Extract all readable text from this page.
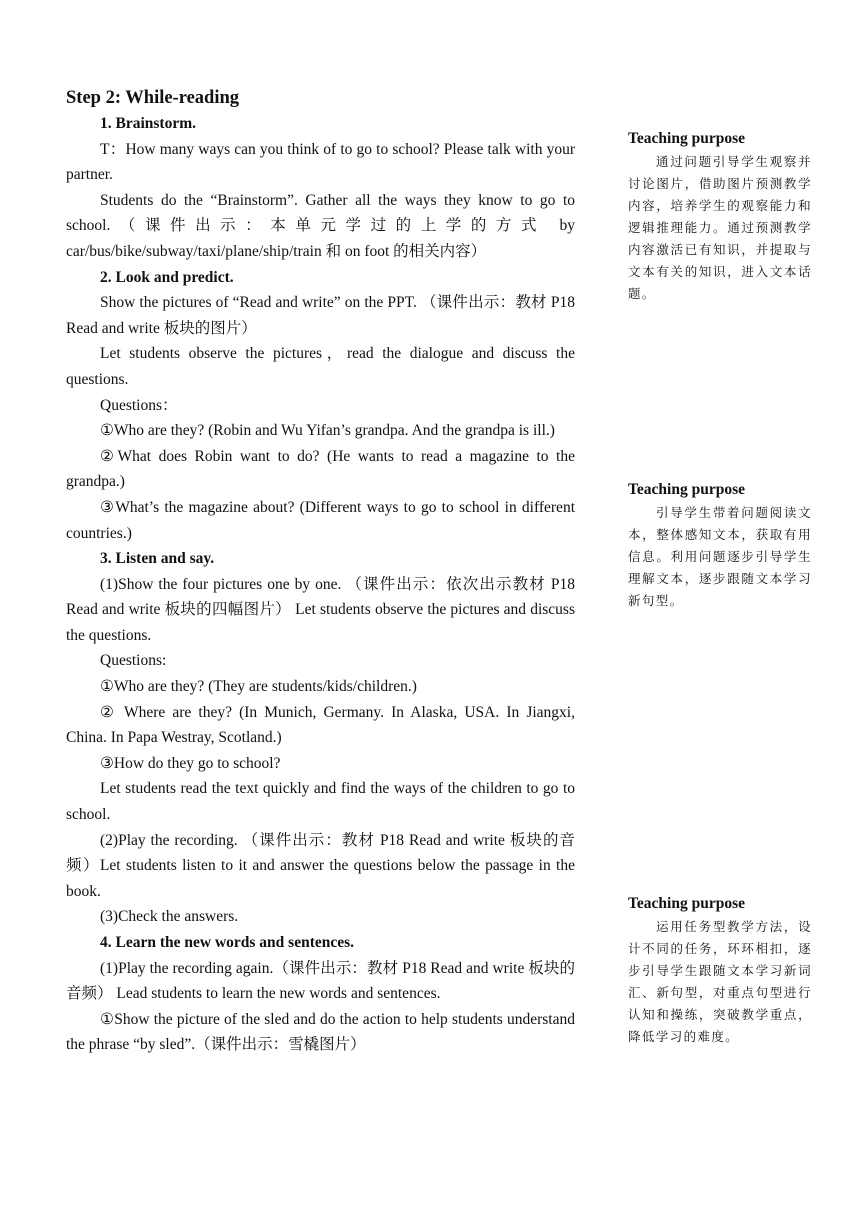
Step 2: While-reading

1. Brainstorm.

T：How many ways can you think of to go to school? Please talk with your partner.

Students do the “Brainstorm”. Gather all the ways they know to go to school.（课件出示：本单元学过的上学的方式 by car/bus/bike/subway/taxi/plane/ship/train 和 on foot 的相关内容）

2. Look and predict.

Show the pictures of “Read and write” on the PPT. （课件出示：教材 P18 Read and write 板块的图片）

Let students observe the pictures，read the dialogue and discuss the questions.

Questions：

①Who are they? (Robin and Wu Yifan’s grandpa. And the grandpa is ill.)

②What does Robin want to do? (He wants to read a magazine to the grandpa.)

③What’s the magazine about? (Different ways to go to school in different countries.)

3. Listen and say.

(1)Show the four pictures one by one. （课件出示：依次出示教材 P18 Read and write 板块的四幅图片） Let students observe the pictures and discuss the questions.

Questions:

①Who are they? (They are students/kids/children.)

② Where are they? (In Munich, Germany. In Alaska, USA. In Jiangxi, China. In Papa Westray, Scotland.)

③How do they go to school?

Let students read the text quickly and find the ways of the children to go to school.

(2)Play the recording. （课件出示：教材 P18 Read and write 板块的音频）Let students listen to it and answer the questions below the passage in the book.

(3)Check the answers.

4. Learn the new words and sentences.

(1)Play the recording again.（课件出示：教材 P18 Read and write 板块的音频） Lead students to learn the new words and sentences.

①Show the picture of the sled and do the action to help students understand the phrase “by sled”.（课件出示：雪橇图片）

Teaching purpose

通过问题引导学生观察并讨论图片，借助图片预测教学内容，培养学生的观察能力和逻辑推理能力。通过预测教学内容激活已有知识，并提取与文本有关的知识，进入文本话题。

Teaching purpose

引导学生带着问题阅读文本，整体感知文本，获取有用信息。利用问题逐步引导学生理解文本，逐步跟随文本学习新句型。

Teaching purpose

运用任务型教学方法，设计不同的任务，环环相扣，逐步引导学生跟随文本学习新词汇、新句型，对重点句型进行认知和操练，突破教学重点，降低学习的难度。
